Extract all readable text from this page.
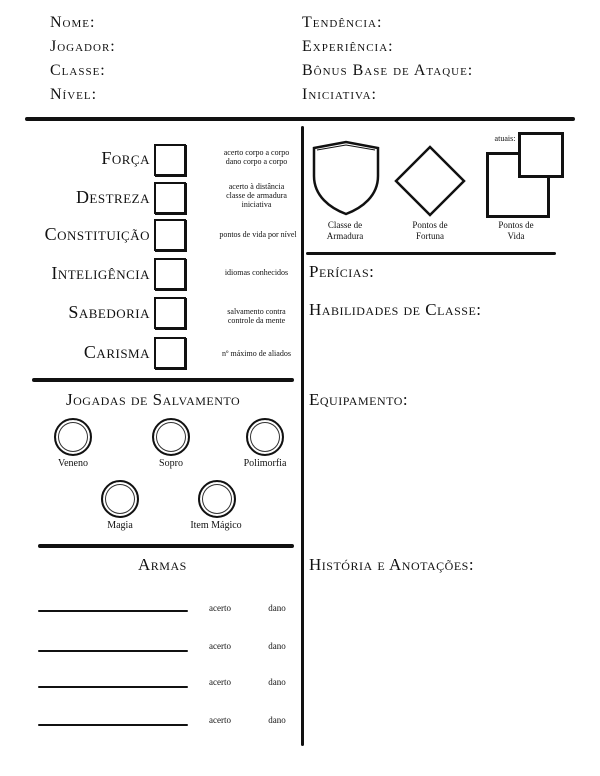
Nome:
Jogador:
Classe:
Nível:
Tendência:
Experiência:
Bônus Base de Ataque:
Iniciativa:
Força	acerto corpo a corpo
dano corpo a corpo
Destreza
acerto à distância
classe de armadura
iniciativa
Constituição	pontos de vida por nível
Inteligência	idiomas conhecidos
Sabedoria	salvamento contra
controle da mente
Carisma	nº máximo de aliados
Classe de
Armadura
Pontos de
Fortuna
atuais:
Pontos de
Vida
Perícias:
Habilidades de Classe:
Equipamento:
História e Anotações:
Jogadas de Salvamento
Veneno	Sopro	Polimorfia
Magia	Item Mágico
Armas
acerto	dano
acerto	dano
acerto	dano
acerto	dano
